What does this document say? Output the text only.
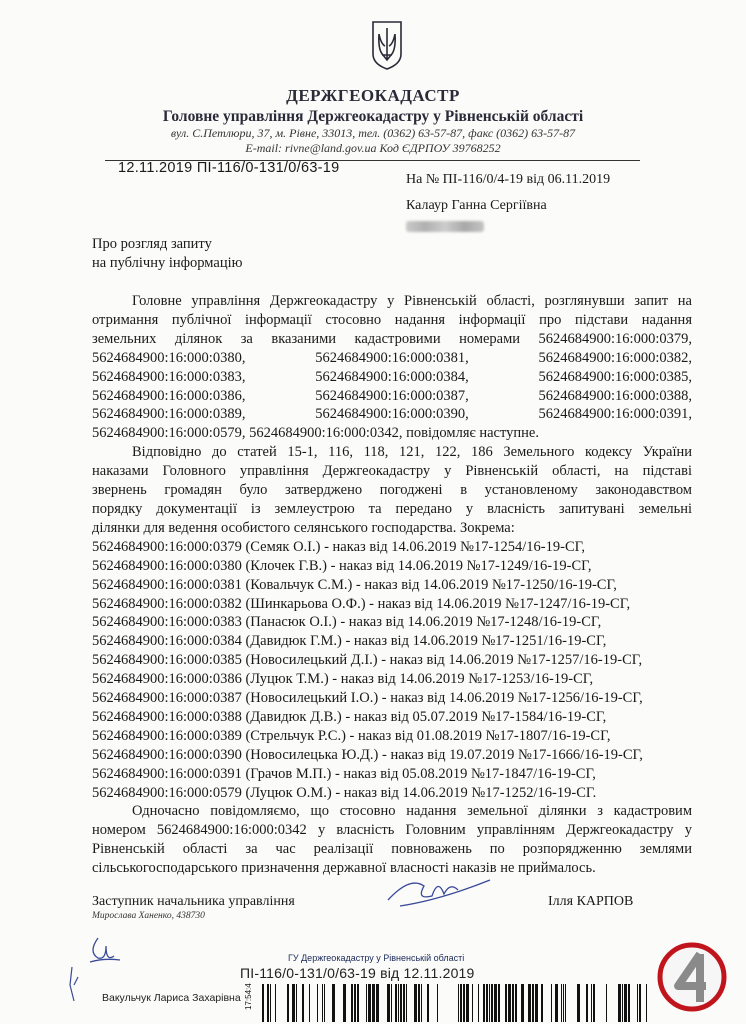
ДЕРЖГЕОКАДАСТР
Головне управління Держгеокадастру у Рівненській області
вул. С.Петлюри, 37, м. Рівне, 33013, тел. (0362) 63-57-87, факс (0362) 63-57-87
E-mail: rivne@land.gov.ua Код ЄДРПОУ 39768252
12.11.2019 ПІ-116/0-131/0/63-19
На № ПІ-116/0/4-19 від 06.11.2019
Калаур Ганна Сергіївна
Про розгляд запиту
на публічну інформацію

Головне управління Держгеокадастру у Рівненській області, розглянувши запит на

отримання публічної інформації стосовно надання інформації про підстави надання

земельних ділянок за вказаними кадастровими номерами 5624684900:16:000:0379,

5624684900:16:000:0380,	5624684900:16:000:0381,	5624684900:16:000:0382,
5624684900:16:000:0383,	5624684900:16:000:0384,	5624684900:16:000:0385,
5624684900:16:000:0386,	5624684900:16:000:0387,	5624684900:16:000:0388,
5624684900:16:000:0389,	5624684900:16:000:0390,	5624684900:16:000:0391,

5624684900:16:000:0579, 5624684900:16:000:0342, повідомляє наступне.

Відповідно до статей 15-1, 116, 118, 121, 122, 186 Земельного кодексу України

наказами Головного управління Держгеокадастру у Рівненській області, на підставі

звернень громадян було затверджено погоджені в установленому законодавством

порядку документації із землеустрою та передано у власність запитувані земельні

ділянки для ведення особистого селянського господарства. Зокрема:

5624684900:16:000:0379 (Семяк О.І.) - наказ від 14.06.2019 №17-1254/16-19-СГ,

5624684900:16:000:0380 (Клочек Г.В.) - наказ від 14.06.2019 №17-1249/16-19-СГ,

5624684900:16:000:0381 (Ковальчук С.М.) - наказ від 14.06.2019 №17-1250/16-19-СГ,

5624684900:16:000:0382 (Шинкарьова О.Ф.) - наказ від 14.06.2019 №17-1247/16-19-СГ,

5624684900:16:000:0383 (Панасюк О.І.) - наказ від 14.06.2019 №17-1248/16-19-СГ,

5624684900:16:000:0384 (Давидюк Г.М.) - наказ від 14.06.2019 №17-1251/16-19-СГ,

5624684900:16:000:0385 (Новосилецький Д.І.) - наказ від 14.06.2019 №17-1257/16-19-СГ,

5624684900:16:000:0386 (Луцюк Т.М.) - наказ від 14.06.2019 №17-1253/16-19-СГ,

5624684900:16:000:0387 (Новосилецький І.О.) - наказ від 14.06.2019 №17-1256/16-19-СГ,

5624684900:16:000:0388 (Давидюк Д.В.) - наказ від 05.07.2019 №17-1584/16-19-СГ,

5624684900:16:000:0389 (Стрельчук Р.С.) - наказ від 01.08.2019 №17-1807/16-19-СГ,

5624684900:16:000:0390 (Новосилецька Ю.Д.) - наказ від 19.07.2019 №17-1666/16-19-СГ,

5624684900:16:000:0391 (Грачов М.П.) - наказ від 05.08.2019 №17-1847/16-19-СГ,

5624684900:16:000:0579 (Луцюк О.М.) - наказ від 14.06.2019 №17-1252/16-19-СГ.

Одночасно повідомляємо, що стосовно надання земельної ділянки з кадастровим

номером 5624684900:16:000:0342 у власність Головним управлінням Держгеокадастру у

Рівненській області за час реалізації повноважень по розпорядженню землями

сільськогосподарського призначення державної власності наказів не приймалось.

Заступник начальника управління	Ілля КАРПОВ
Мирослава Ханенко, 438730
ГУ Держгеокадастру у Рівненській області
ПІ-116/0-131/0/63-19 від 12.11.2019
Вакульчук Лариса Захарівна 17:54:4
4
